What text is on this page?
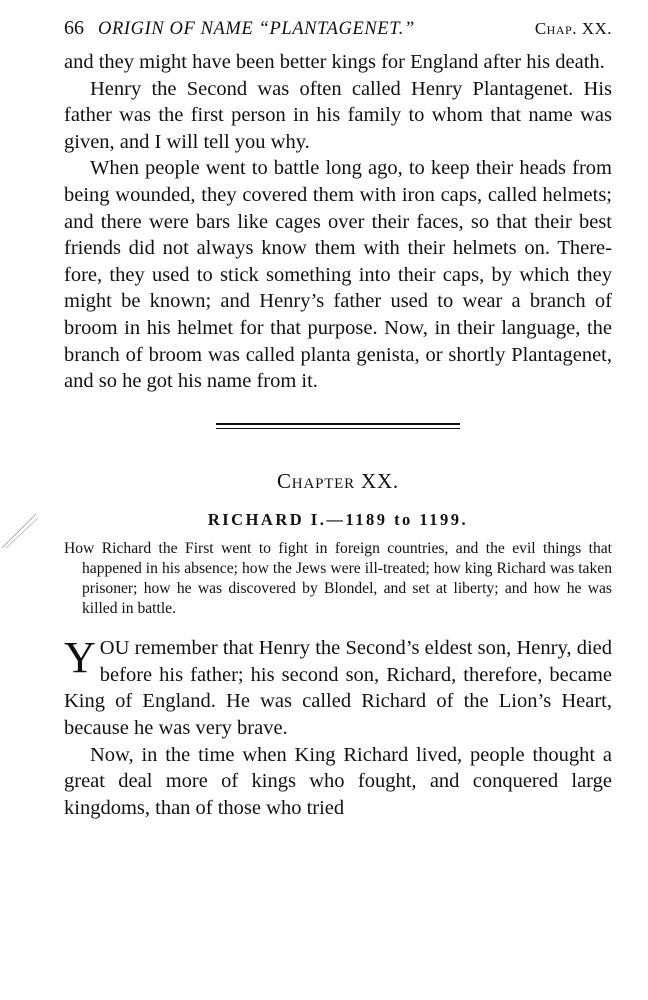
66 ORIGIN OF NAME “PLANTAGENET.”	Chap. XX.

and they might have been better kings for England after his death.

Henry the Second was often called Henry Plantagenet. His father was the first person in his family to whom that name was given, and I will tell you why.

When people went to battle long ago, to keep their heads from being wounded, they covered them with iron caps, called helmets; and there were bars like cages over their faces, so that their best friends did not always know them with their helmets on. Therefore, they used to stick something into their caps, by which they might be known; and Henry’s father used to wear a branch of broom in his helmet for that purpose. Now, in their language, the branch of broom was called planta genista, or shortly Plantagenet, and so he got his name from it.

Chapter XX.
RICHARD I.—1189 to 1199.

How Richard the First went to fight in foreign countries, and the evil things that happened in his absence; how the Jews were ill-treated; how king Richard was taken prisoner; how he was discovered by Blondel, and set at liberty; and how he was killed in battle.

YOU remember that Henry the Second’s eldest son, Henry, died before his father; his second son, Richard, therefore, became King of England. He was called Richard of the Lion’s Heart, because he was very brave.

Now, in the time when King Richard lived, people thought a great deal more of kings who fought, and conquered large kingdoms, than of those who tried
